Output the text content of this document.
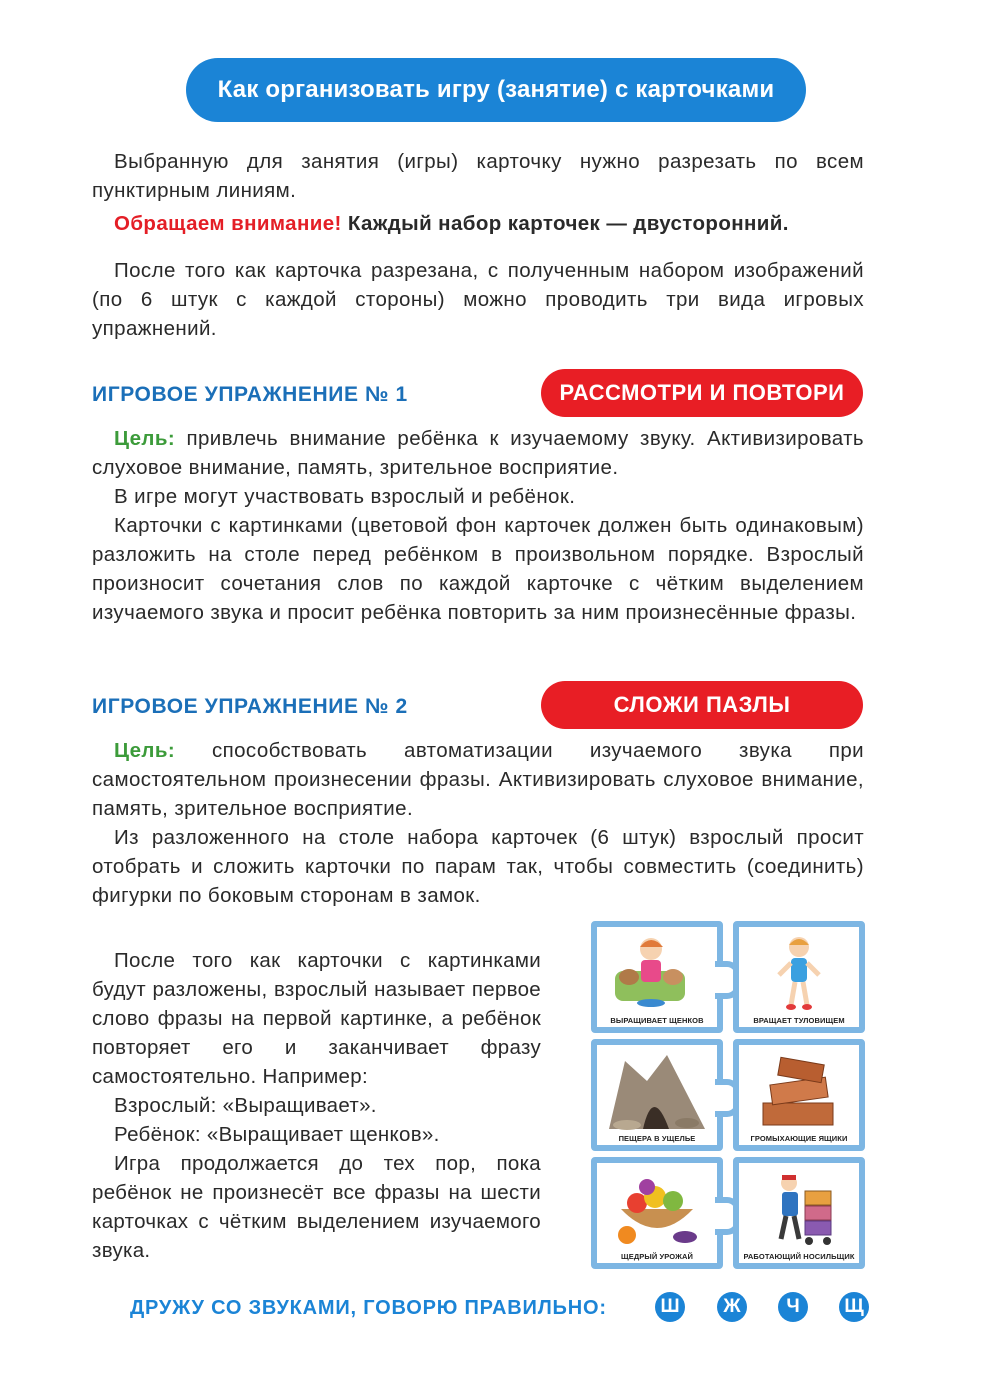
Как организовать игру (занятие) с карточками
Выбранную для занятия (игры) карточку нужно разрезать по всем пунктирным линиям.
Обращаем внимание! Каждый набор карточек — двусторонний.
После того как карточка разрезана, с полученным набором изображений (по 6 штук с каждой стороны) можно проводить три вида игровых упражнений.
ИГРОВОЕ УПРАЖНЕНИЕ № 1	РАССМОТРИ И ПОВТОРИ
Цель: привлечь внимание ребёнка к изучаемому звуку. Активизировать слуховое внимание, память, зрительное восприятие.
В игре могут участвовать взрослый и ребёнок.
Карточки с картинками (цветовой фон карточек должен быть одинаковым) разложить на столе перед ребёнком в произвольном порядке. Взрослый произносит сочетания слов по каждой карточке с чётким выделением изучаемого звука и просит ребёнка повторить за ним произнесённые фразы.
ИГРОВОЕ УПРАЖНЕНИЕ № 2	СЛОЖИ ПАЗЛЫ
Цель: способствовать автоматизации изучаемого звука при самостоятельном произнесении фразы. Активизировать слуховое внимание, память, зрительное восприятие.
Из разложенного на столе набора карточек (6 штук) взрослый просит отобрать и сложить карточки по парам так, чтобы совместить (соединить) фигурки по боковым сторонам в замок.

После того как карточки с картинками будут разложены, взрослый называет первое слово фразы на первой картинке, а ребёнок повторяет его и заканчивает фразу самостоятельно. Например:

Взрослый: «Выращивает».

Ребёнок: «Выращивает щенков».

Игра продолжается до тех пор, пока ребёнок не произнесёт все фразы на шести карточках с чётким выделением изучаемого звука.

ВЫРАЩИВАЕТ ЩЕНКОВ	ВРАЩАЕТ ТУЛОВИЩЕМ
ПЕЩЕРА В УЩЕЛЬЕ	ГРОМЫХАЮЩИЕ ЯЩИКИ
ЩЕДРЫЙ УРОЖАЙ	РАБОТАЮЩИЙ НОСИЛЬЩИК
ДРУЖУ СО ЗВУКАМИ, ГОВОРЮ ПРАВИЛЬНО:	Ш	Ж	Ч	Щ
